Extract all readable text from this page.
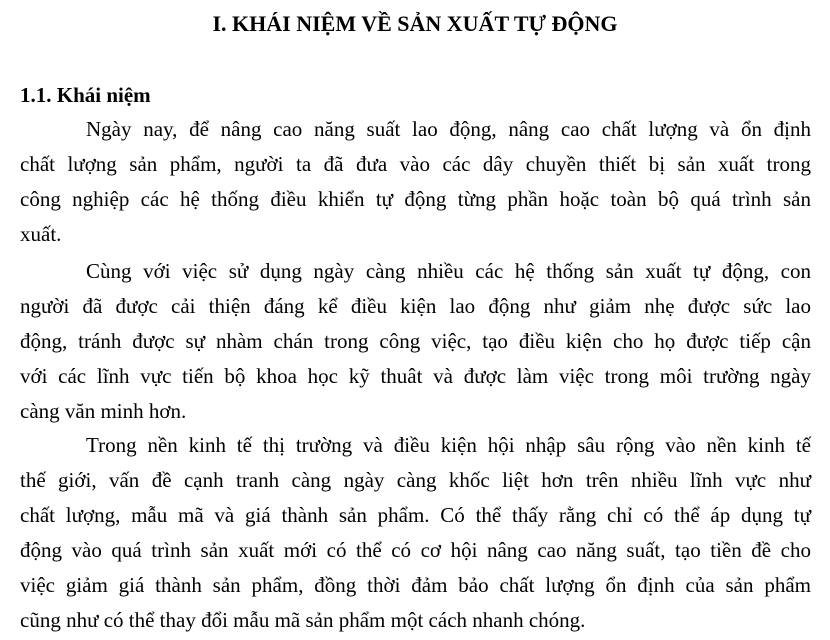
I. KHÁI NIỆM VỀ SẢN XUẤT TỰ ĐỘNG
1.1. Khái niệm
Ngày nay, để nâng cao năng suất lao động, nâng cao chất lượng và ổn định
chất lượng sản phẩm, người ta đã đưa vào các dây chuyền thiết bị sản xuất trong
công nghiệp các hệ thống điều khiển tự động từng phần hoặc toàn bộ quá trình sản
xuất.
Cùng với việc sử dụng ngày càng nhiều các hệ thống sản xuất tự động, con
người đã được cải thiện đáng kể điều kiện lao động như giảm nhẹ được sức lao
động, tránh được sự nhàm chán trong công việc, tạo điều kiện cho họ được tiếp cận
với các lĩnh vực tiến bộ khoa học kỹ thuât và được làm việc trong môi trường ngày
càng văn minh hơn.
Trong nền kinh tế thị trường và điều kiện hội nhập sâu rộng vào nền kinh tế
thế giới, vấn đề cạnh tranh càng ngày càng khốc liệt hơn trên nhiều lĩnh vực như
chất lượng, mẫu mã và giá thành sản phẩm. Có thể thấy rằng chỉ có thể áp dụng tự
động vào quá trình sản xuất mới có thể có cơ hội nâng cao năng suất, tạo tiền đề cho
việc giảm giá thành sản phẩm, đồng thời đảm bảo chất lượng ổn định của sản phẩm
cũng như có thể thay đổi mẫu mã sản phẩm một cách nhanh chóng.
